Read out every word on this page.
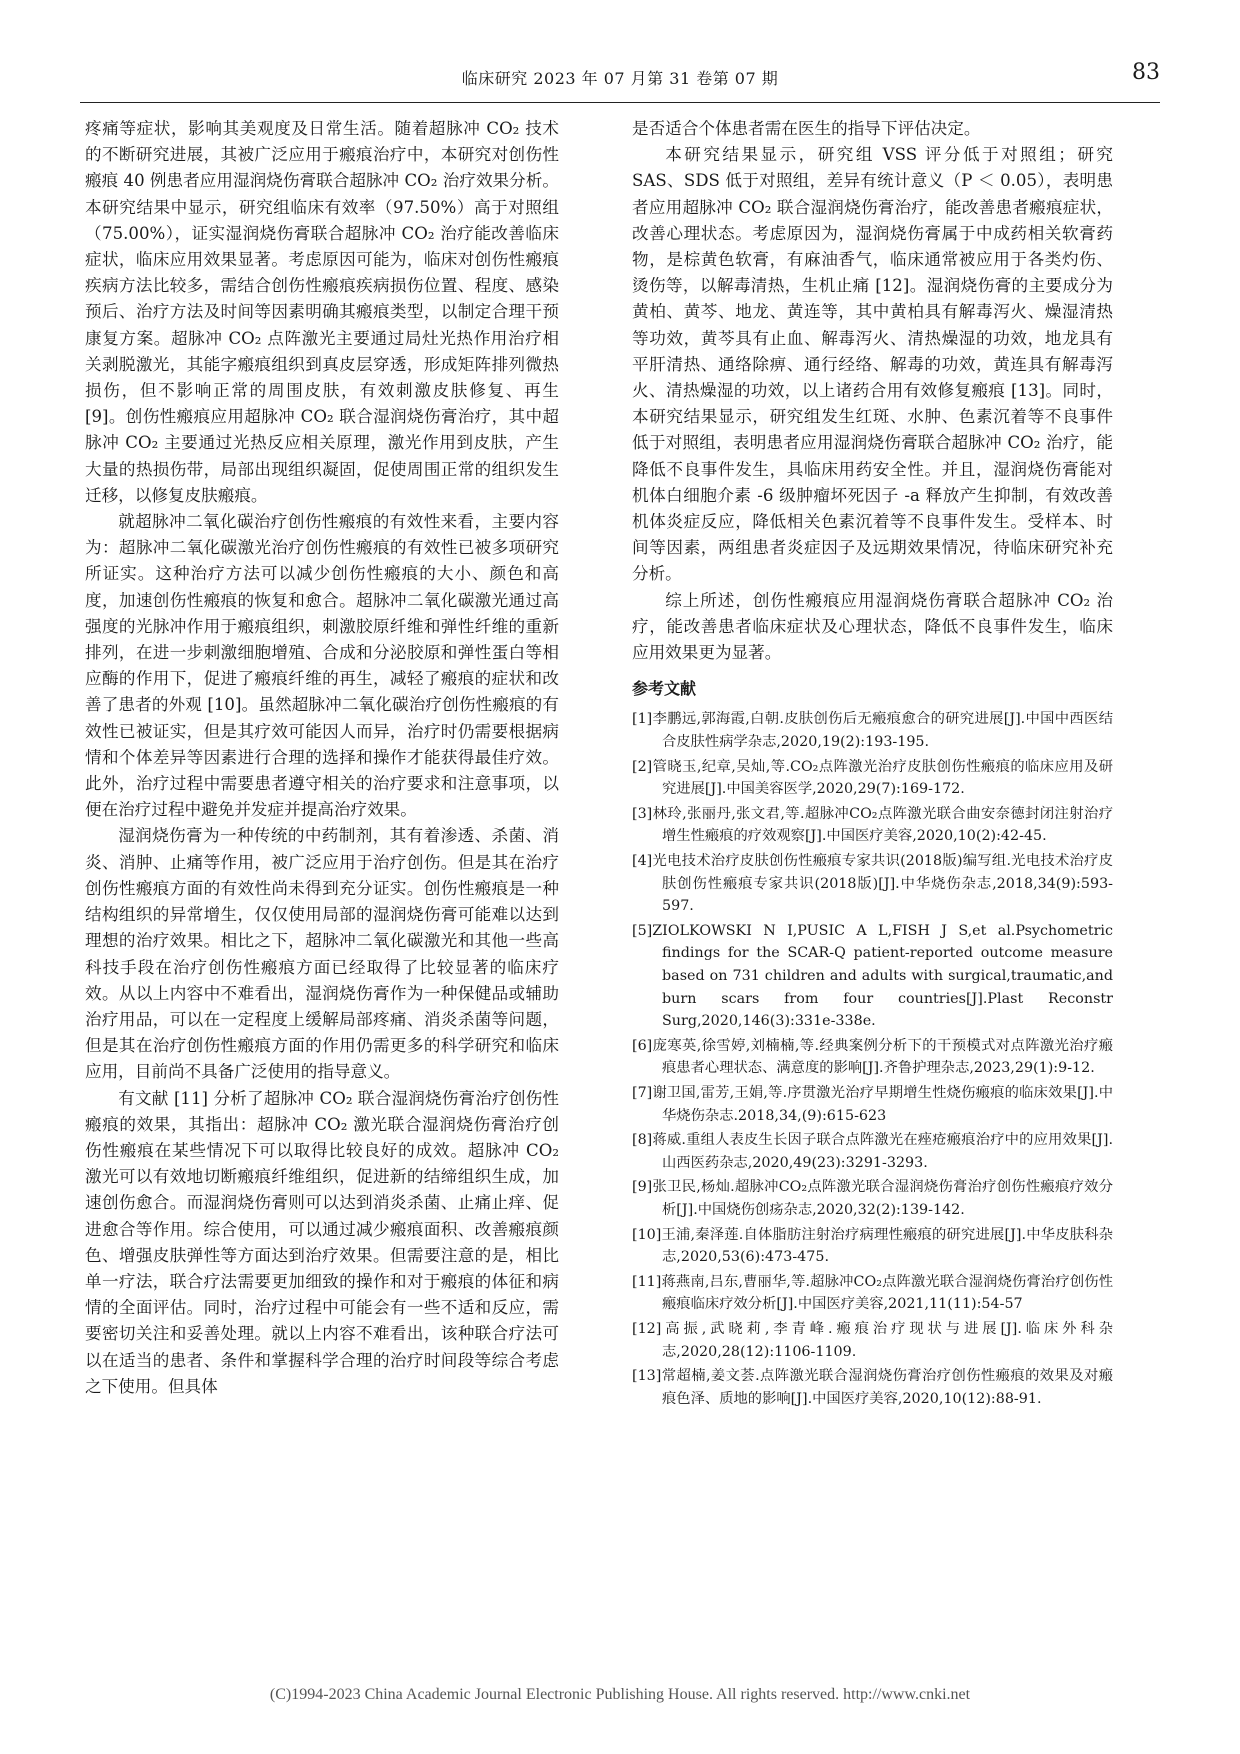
临床研究 2023 年 07 月第 31 卷第 07 期	83

疼痛等症状，影响其美观度及日常生活。随着超脉冲 CO₂ 技术的不断研究进展，其被广泛应用于瘢痕治疗中，本研究对创伤性瘢痕 40 例患者应用湿润烧伤膏联合超脉冲 CO₂ 治疗效果分析。本研究结果中显示，研究组临床有效率（97.50%）高于对照组（75.00%），证实湿润烧伤膏联合超脉冲 CO₂ 治疗能改善临床症状，临床应用效果显著。考虑原因可能为，临床对创伤性瘢痕疾病方法比较多，需结合创伤性瘢痕疾病损伤位置、程度、感染预后、治疗方法及时间等因素明确其瘢痕类型，以制定合理干预康复方案。超脉冲 CO₂ 点阵激光主要通过局灶光热作用治疗相关剥脱激光，其能字瘢痕组织到真皮层穿透，形成矩阵排列微热损伤，但不影响正常的周围皮肤，有效刺激皮肤修复、再生 [9]。创伤性瘢痕应用超脉冲 CO₂ 联合湿润烧伤膏治疗，其中超脉冲 CO₂ 主要通过光热反应相关原理，激光作用到皮肤，产生大量的热损伤带，局部出现组织凝固，促使周围正常的组织发生迁移，以修复皮肤瘢痕。

就超脉冲二氧化碳治疗创伤性瘢痕的有效性来看，主要内容为：超脉冲二氧化碳激光治疗创伤性瘢痕的有效性已被多项研究所证实。这种治疗方法可以减少创伤性瘢痕的大小、颜色和高度，加速创伤性瘢痕的恢复和愈合。超脉冲二氧化碳激光通过高强度的光脉冲作用于瘢痕组织，刺激胶原纤维和弹性纤维的重新排列，在进一步刺激细胞增殖、合成和分泌胶原和弹性蛋白等相应酶的作用下，促进了瘢痕纤维的再生，减轻了瘢痕的症状和改善了患者的外观 [10]。虽然超脉冲二氧化碳治疗创伤性瘢痕的有效性已被证实，但是其疗效可能因人而异，治疗时仍需要根据病情和个体差异等因素进行合理的选择和操作才能获得最佳疗效。此外，治疗过程中需要患者遵守相关的治疗要求和注意事项，以便在治疗过程中避免并发症并提高治疗效果。

湿润烧伤膏为一种传统的中药制剂，其有着渗透、杀菌、消炎、消肿、止痛等作用，被广泛应用于治疗创伤。但是其在治疗创伤性瘢痕方面的有效性尚未得到充分证实。创伤性瘢痕是一种结构组织的异常增生，仅仅使用局部的湿润烧伤膏可能难以达到理想的治疗效果。相比之下，超脉冲二氧化碳激光和其他一些高科技手段在治疗创伤性瘢痕方面已经取得了比较显著的临床疗效。从以上内容中不难看出，湿润烧伤膏作为一种保健品或辅助治疗用品，可以在一定程度上缓解局部疼痛、消炎杀菌等问题，但是其在治疗创伤性瘢痕方面的作用仍需更多的科学研究和临床应用，目前尚不具备广泛使用的指导意义。

有文献 [11] 分析了超脉冲 CO₂ 联合湿润烧伤膏治疗创伤性瘢痕的效果，其指出：超脉冲 CO₂ 激光联合湿润烧伤膏治疗创伤性瘢痕在某些情况下可以取得比较良好的成效。超脉冲 CO₂ 激光可以有效地切断瘢痕纤维组织，促进新的结缔组织生成，加速创伤愈合。而湿润烧伤膏则可以达到消炎杀菌、止痛止痒、促进愈合等作用。综合使用，可以通过减少瘢痕面积、改善瘢痕颜色、增强皮肤弹性等方面达到治疗效果。但需要注意的是，相比单一疗法，联合疗法需要更加细致的操作和对于瘢痕的体征和病情的全面评估。同时，治疗过程中可能会有一些不适和反应，需要密切关注和妥善处理。就以上内容不难看出，该种联合疗法可以在适当的患者、条件和掌握科学合理的治疗时间段等综合考虑之下使用。但具体

是否适合个体患者需在医生的指导下评估决定。

本研究结果显示，研究组 VSS 评分低于对照组；研究 SAS、SDS 低于对照组，差异有统计意义（P ＜ 0.05），表明患者应用超脉冲 CO₂ 联合湿润烧伤膏治疗，能改善患者瘢痕症状，改善心理状态。考虑原因为，湿润烧伤膏属于中成药相关软膏药物，是棕黄色软膏，有麻油香气，临床通常被应用于各类灼伤、烫伤等，以解毒清热，生机止痛 [12]。湿润烧伤膏的主要成分为黄柏、黄芩、地龙、黄连等，其中黄柏具有解毒泻火、燥湿清热等功效，黄芩具有止血、解毒泻火、清热燥湿的功效，地龙具有平肝清热、通络除痹、通行经络、解毒的功效，黄连具有解毒泻火、清热燥湿的功效，以上诸药合用有效修复瘢痕 [13]。同时，本研究结果显示，研究组发生红斑、水肿、色素沉着等不良事件低于对照组，表明患者应用湿润烧伤膏联合超脉冲 CO₂ 治疗，能降低不良事件发生，具临床用药安全性。并且，湿润烧伤膏能对机体白细胞介素 -6 级肿瘤坏死因子 -a 释放产生抑制，有效改善机体炎症反应，降低相关色素沉着等不良事件发生。受样本、时间等因素，两组患者炎症因子及远期效果情况，待临床研究补充分析。

综上所述，创伤性瘢痕应用湿润烧伤膏联合超脉冲 CO₂ 治疗，能改善患者临床症状及心理状态，降低不良事件发生，临床应用效果更为显著。

参考文献

[1]李鹏远,郭海霞,白朝.皮肤创伤后无瘢痕愈合的研究进展[J].中国中西医结合皮肤性病学杂志,2020,19(2):193-195.

[2]管晓玉,纪章,吴灿,等.CO₂点阵激光治疗皮肤创伤性瘢痕的临床应用及研究进展[J].中国美容医学,2020,29(7):169-172.

[3]林玲,张丽丹,张文君,等.超脉冲CO₂点阵激光联合曲安奈德封闭注射治疗增生性瘢痕的疗效观察[J].中国医疗美容,2020,10(2):42-45.

[4]光电技术治疗皮肤创伤性瘢痕专家共识(2018版)编写组.光电技术治疗皮肤创伤性瘢痕专家共识(2018版)[J].中华烧伤杂志,2018,34(9):593-597.

[5]ZIOLKOWSKI N I,PUSIC A L,FISH J S,et al.Psychometric findings for the SCAR-Q patient-reported outcome measure based on 731 children and adults with surgical,traumatic,and burn scars from four countries[J].Plast Reconstr Surg,2020,146(3):331e-338e.

[6]庞寒英,徐雪婷,刘楠楠,等.经典案例分析下的干预模式对点阵激光治疗瘢痕患者心理状态、满意度的影响[J].齐鲁护理杂志,2023,29(1):9-12.

[7]谢卫国,雷芳,王娟,等.序贯激光治疗早期增生性烧伤瘢痕的临床效果[J].中华烧伤杂志.2018,34,(9):615-623

[8]蒋威.重组人表皮生长因子联合点阵激光在痤疮瘢痕治疗中的应用效果[J].山西医药杂志,2020,49(23):3291-3293.

[9]张卫民,杨灿.超脉冲CO₂点阵激光联合湿润烧伤膏治疗创伤性瘢痕疗效分析[J].中国烧伤创疡杂志,2020,32(2):139-142.

[10]王浦,秦泽莲.自体脂肪注射治疗病理性瘢痕的研究进展[J].中华皮肤科杂志,2020,53(6):473-475.

[11]蒋燕南,吕东,曹丽华,等.超脉冲CO₂点阵激光联合湿润烧伤膏治疗创伤性瘢痕临床疗效分析[J].中国医疗美容,2021,11(11):54-57

[12]高振,武晓莉,李青峰.瘢痕治疗现状与进展[J].临床外科杂志,2020,28(12):1106-1109.

[13]常超楠,姜文荟.点阵激光联合湿润烧伤膏治疗创伤性瘢痕的效果及对瘢痕色泽、质地的影响[J].中国医疗美容,2020,10(12):88-91.

(C)1994-2023 China Academic Journal Electronic Publishing House. All rights reserved. http://www.cnki.net
